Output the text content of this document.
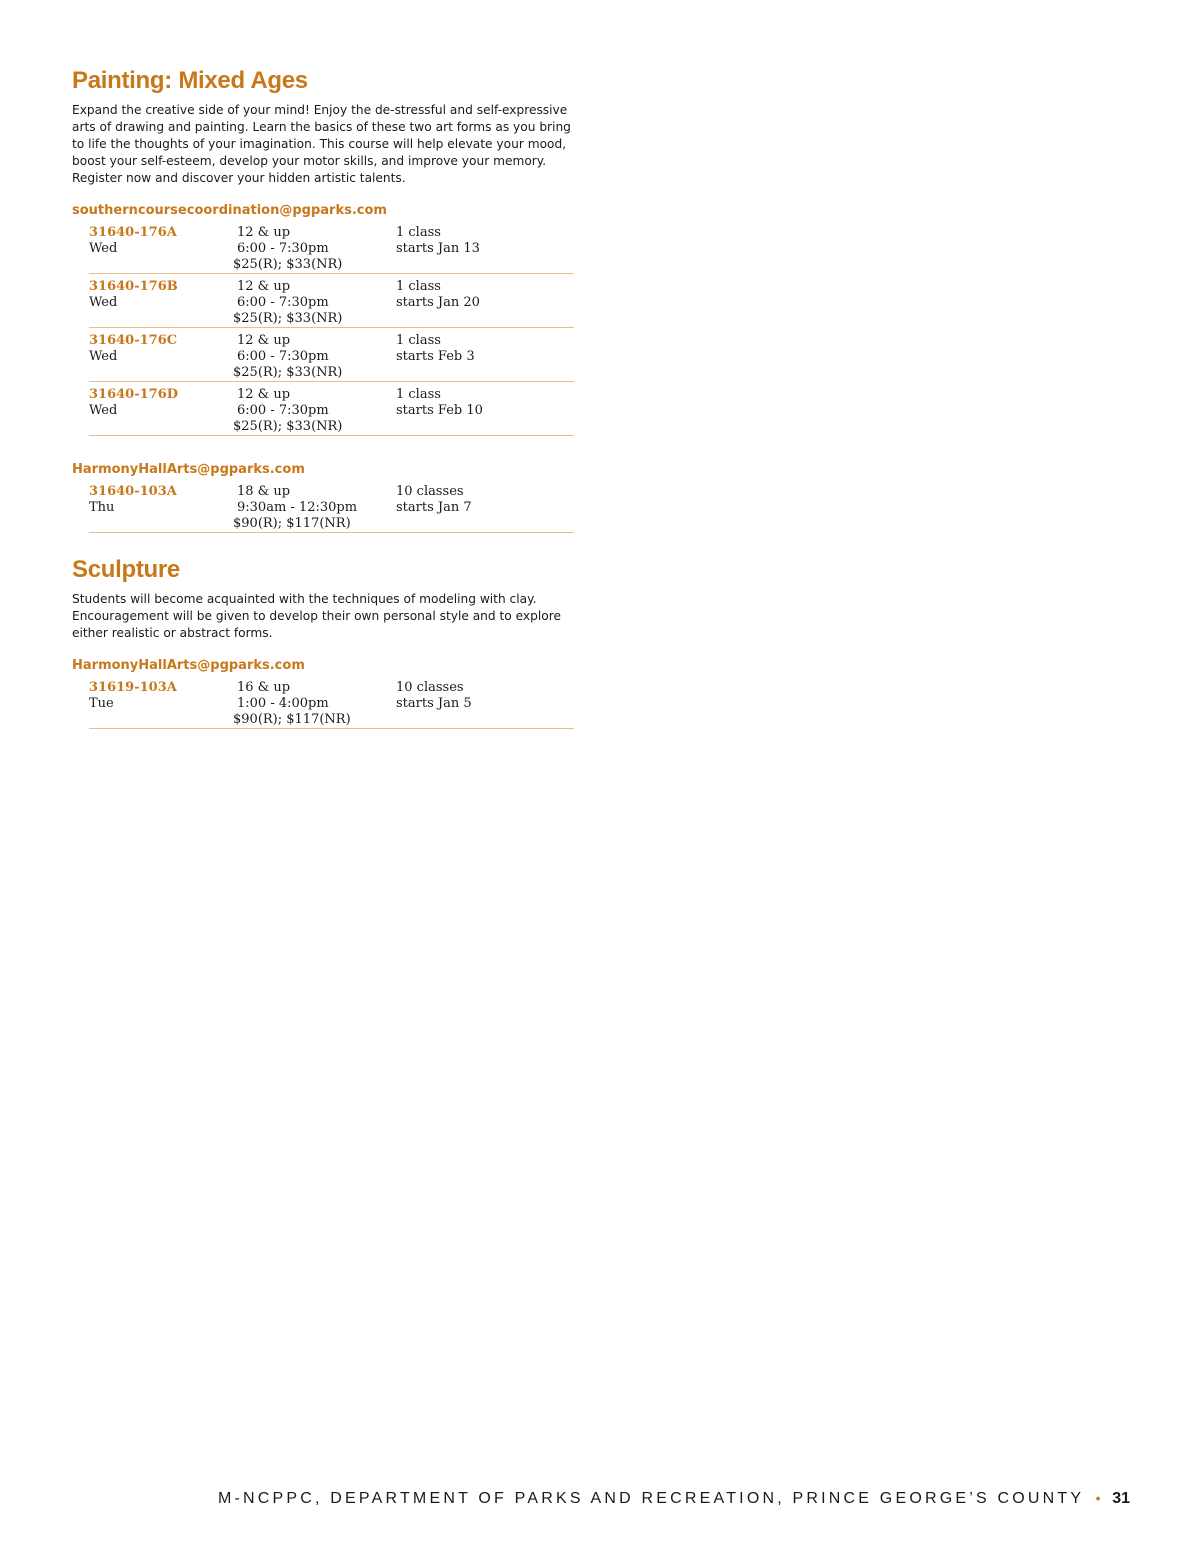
Painting: Mixed Ages

Expand the creative side of your mind! Enjoy the de-stressful and self-expressive arts of drawing and painting. Learn the basics of these two art forms as you bring to life the thoughts of your imagination. This course will help elevate your mood, boost your self-esteem, develop your motor skills, and improve your memory. Register now and discover your hidden artistic talents.

southerncoursecoordination@pgparks.com
31640-176A
Wed
12 & up
6:00 - 7:30pm
$25(R); $33(NR)
1 class
starts Jan 13
31640-176B
Wed
12 & up
6:00 - 7:30pm
$25(R); $33(NR)
1 class
starts Jan 20
31640-176C
Wed
12 & up
6:00 - 7:30pm
$25(R); $33(NR)
1 class
starts Feb 3
31640-176D
Wed
12 & up
6:00 - 7:30pm
$25(R); $33(NR)
1 class
starts Feb 10
HarmonyHallArts@pgparks.com
31640-103A
Thu
18 & up
9:30am - 12:30pm
$90(R); $117(NR)
10 classes
starts Jan 7
Sculpture

Students will become acquainted with the techniques of modeling with clay. Encouragement will be given to develop their own personal style and to explore either realistic or abstract forms.

HarmonyHallArts@pgparks.com
31619-103A
Tue
16 & up
1:00 - 4:00pm
$90(R); $117(NR)
10 classes
starts Jan 5
M-NCPPC, DEPARTMENT OF PARKS AND RECREATION, PRINCE GEORGE’S COUNTY • 31
